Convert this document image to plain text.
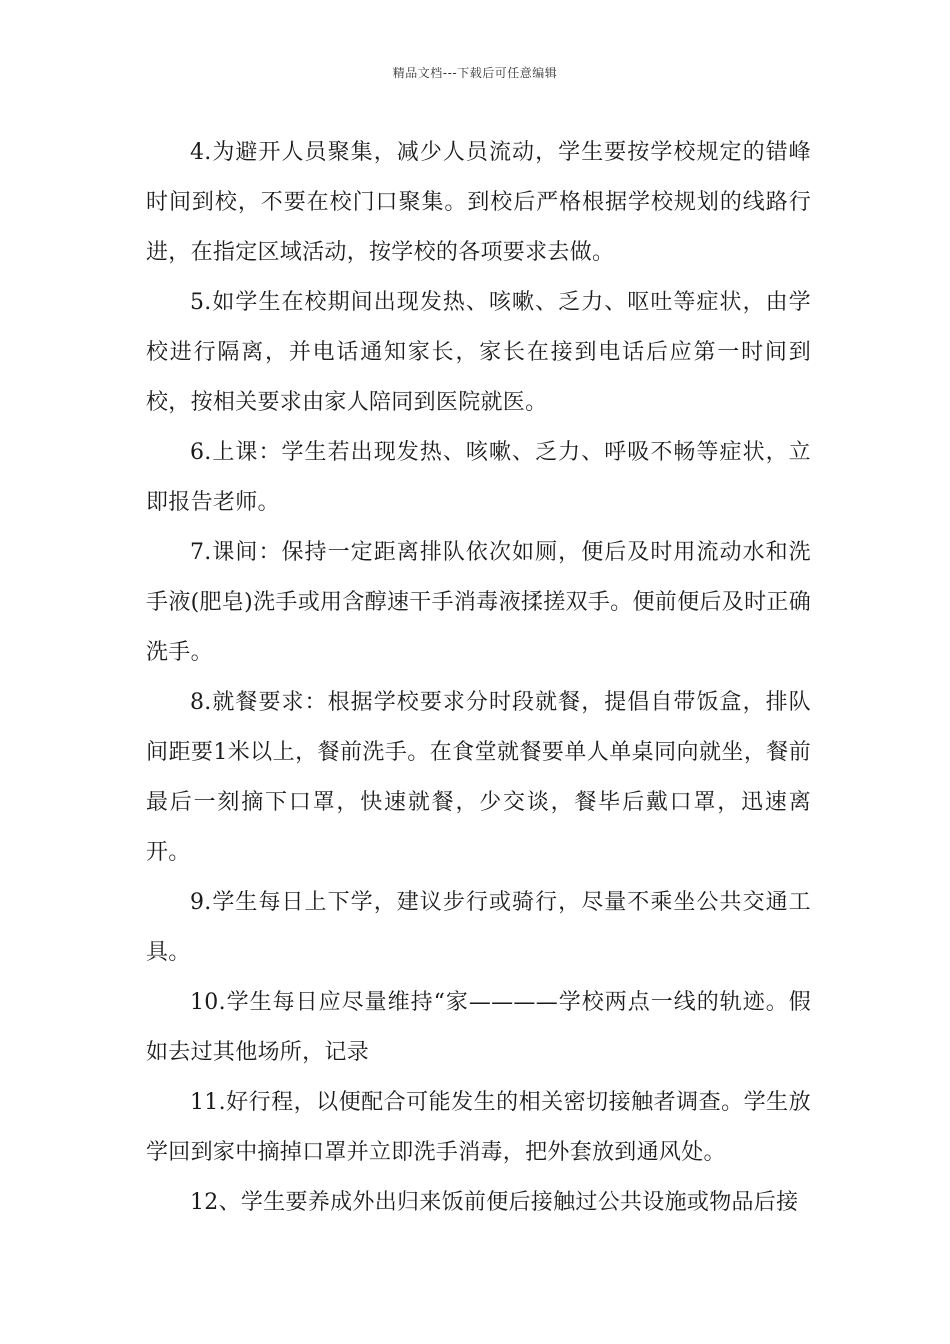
精品文档---下载后可任意编辑

4.为避开人员聚集，减少人员流动，学生要按学校规定的错峰时间到校，不要在校门口聚集。到校后严格根据学校规划的线路行进，在指定区域活动，按学校的各项要求去做。

5.如学生在校期间出现发热、咳嗽、乏力、呕吐等症状，由学校进行隔离，并电话通知家长，家长在接到电话后应第一时间到校，按相关要求由家人陪同到医院就医。

6.上课：学生若出现发热、咳嗽、乏力、呼吸不畅等症状，立即报告老师。

7.课间：保持一定距离排队依次如厕，便后及时用流动水和洗手液(肥皂)洗手或用含醇速干手消毒液揉搓双手。便前便后及时正确洗手。

8.就餐要求：根据学校要求分时段就餐，提倡自带饭盒，排队间距要1米以上，餐前洗手。在食堂就餐要单人单桌同向就坐，餐前最后一刻摘下口罩，快速就餐，少交谈，餐毕后戴口罩，迅速离开。

9.学生每日上下学，建议步行或骑行，尽量不乘坐公共交通工具。

10.学生每日应尽量维持“家————学校两点一线的轨迹。假如去过其他场所，记录

11.好行程，以便配合可能发生的相关密切接触者调查。学生放学回到家中摘掉口罩并立即洗手消毒，把外套放到通风处。

12、学生要养成外出归来饭前便后接触过公共设施或物品后接
